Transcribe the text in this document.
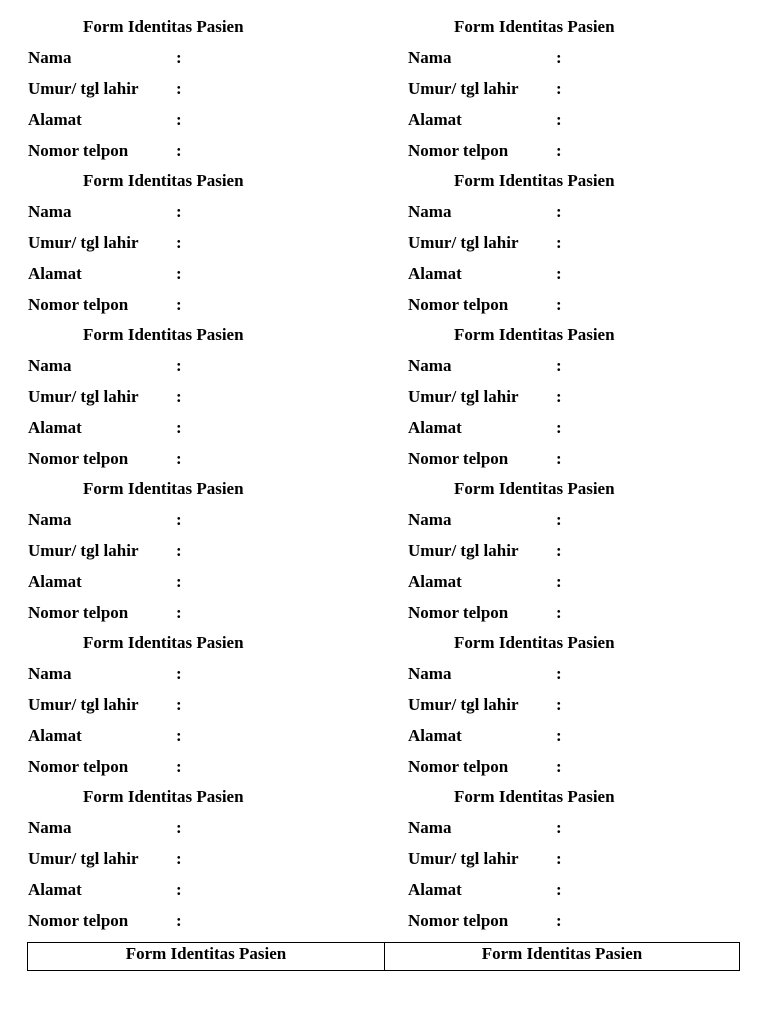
Form Identitas Pasien
Nama	:
Umur/ tgl lahir :
Alamat	:
Nomor telpon	:
Form Identitas Pasien
Nama	:
Umur/ tgl lahir :
Alamat	:
Nomor telpon	:
Form Identitas Pasien
Nama	:
Umur/ tgl lahir :
Alamat	:
Nomor telpon	:
Form Identitas Pasien
Nama	:
Umur/ tgl lahir :
Alamat	:
Nomor telpon	:
Form Identitas Pasien
Nama	:
Umur/ tgl lahir :
Alamat	:
Nomor telpon	:
Form Identitas Pasien
Nama	:
Umur/ tgl lahir :
Alamat	:
Nomor telpon	:
Form Identitas Pasien
Nama	:
Umur/ tgl lahir :
Alamat	:
Nomor telpon	:
Form Identitas Pasien
Nama	:
Umur/ tgl lahir :
Alamat	:
Nomor telpon	:
Form Identitas Pasien
Nama	:
Umur/ tgl lahir :
Alamat	:
Nomor telpon	:
Form Identitas Pasien
Nama	:
Umur/ tgl lahir :
Alamat	:
Nomor telpon	:
Form Identitas Pasien
Nama	:
Umur/ tgl lahir :
Alamat	:
Nomor telpon	:
Form Identitas Pasien
Nama	:
Umur/ tgl lahir :
Alamat	:
Nomor telpon	:
Form Identitas Pasien	Form Identitas Pasien
